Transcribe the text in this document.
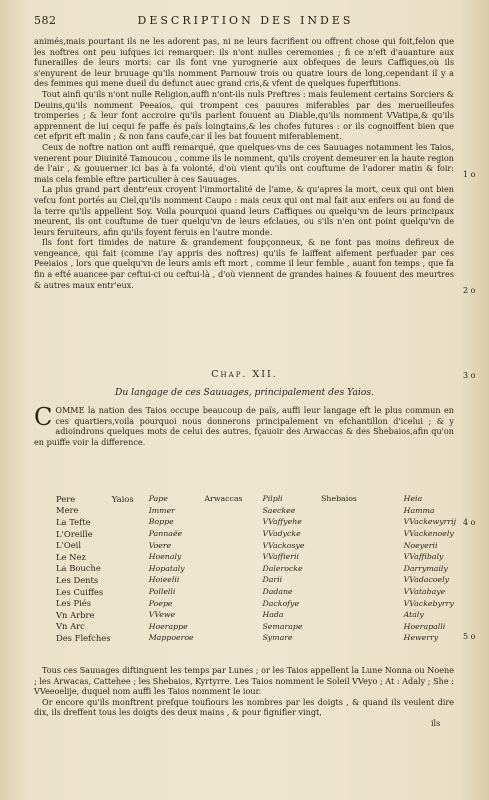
582	DESCRIPTION DES INDES

animés,mais pourtant ils ne les adorent pas, ni ne leurs facrifient ou offrent chose qui foit,felon que les noftres ont peu iufques ici remarquer: ils n'ont nulles ceremonies ; fi ce n'eft d'auanture aux funerailles de leurs morts: car ils font vne yurognerie aux obfeques de leurs Caffiques,où ils s'enyurent de leur bruuage qu'ils nomment Parnouw trois ou quatre iours de long,cependant il y a des femmes qui mene dueil du defunct auec grand cris,& vfent de quelques fuperftitions.

Tout ainfi qu'ils n'ont nulle Religion,auffi n'ont-ils nuls Preftres : mais feulement certains Sorciers & Deuins,qu'ils nomment Peeaios, qui trompent ces pauures miferables par des merueilleufes tromperies ; & leur font accroire qu'ils parlent fouuent au Diable,qu'ils nomment VVatipa,& qu'ils apprennent de lui cequi fe paffe és païs loingtains,& les chofes futures : or ils cognoiffent bien que cet efprit eft malin ; & non fans caufe,car il les bat fouuent miferablement.

Ceux de noftre nation ont auffi remarqué, que quelques-vns de ces Sauuages notamment les Taios, venerent pour Diuinité Tamoucou , comme ils le nomment, qu'ils croyent demeurer en la haute region de l'air , & gouuerner ici bas à fa volonté, d'où vient qu'ils ont couftume de l'adorer matin & foir: mais cela femble eftre particulier à ces Sauuages.

La plus grand part dentr'eux croyent l'immortalité de l'ame, & qu'apres la mort, ceux qui ont bien vefcu font portés au Ciel,qu'ils nomment Caupo : mais ceux qui ont mal fait aux enfers ou au fond de la terre qu'ils appellent Soy. Voila pourquoi quand leurs Caffiques ou quelqu'vn de leurs principaux meurent, ils ont couftume de tuer quelqu'vn de leurs efclaues, ou s'ils n'en ont point quelqu'vn de leurs feruiteurs, afin qu'ils foyent feruis en l'autre monde.

Ils font fort timides de nature & grandement foupçonneux, & ne font pas moins defireux de vengeance, qui fait (comme i'ay appris des noftres) qu'ils fe laiffent aifement perfuader par ces Peeiaios , lors que quelqu'vn de leurs amis eft mort , comme il leur femble , auant fon temps , que fa fin a efté auancee par ceftui-ci ou ceftui-là , d'où viennent de grandes haines & fouuent des meurtres & autres maux entr'eux.

1 o
2 o
3 o
4 o
5 o
Chap. XII.
Du langage de ces Sauuages, principalement des Yaios.
C OMME la nation des Taios occupe beaucoup de païs, auffi leur langage eft le plus commun en ces quartiers,voila pourquoi nous donnerons principalement vn efchantillon d'icelui ; & y adioindrons quelques mots de celui des autres, fçauoir des Arwaccas & des Shebaios,afin qu'on en puiffe voir la difference.
Pere	Yaios	Pape	Arwaccas	Pilpli	Shebaios	Heia
Mere		Immer		Saeckee		Hamma
La Tefte		Boppe		VVaffyehe		VVackewyrrij
L'Oreille		Pannaëe		VVadycke		VVackenoely
L'Oeil		Voere		VVackosye		Noeyerii
Le Nez		Hoenaly		VVaffierii		VVaffibaly
La Bouche		Hopataly		Dalerocke		Darrymaily
Les Dents		Hoieelii		Darii		VVadacoely
Les Cuiffes		Pollelli		Dadane		VVatabaye
Les Piés		Poepe		Dackofye		VVackebyrry
Vn Arbre		VVewe		Hada		Ataly
Vn Arc		Hoerappe		Semarape		Hoerapalli
Des Flefches		Mappoeroe		Symare		Hewerry

Tous ces Sauuages diftinguent les temps par Lunes ; or les Taios appellent la Lune Nonna ou Noene ; les Arwacas, Cattehee ; les Shebaios, Kyrtyrre. Les Taios nomment le Soleil VVeyo ; At : Adaly ; She : VVeeoelije, duquel nom auffi les Taios nomment le iour.

Or encore qu'ils monftrent prefque toufiours les nombres par les doigts , & quand ils veulent dire dix, ils dreffent tous les doigts des deux mains , & pour fignifier vingt,

ils
